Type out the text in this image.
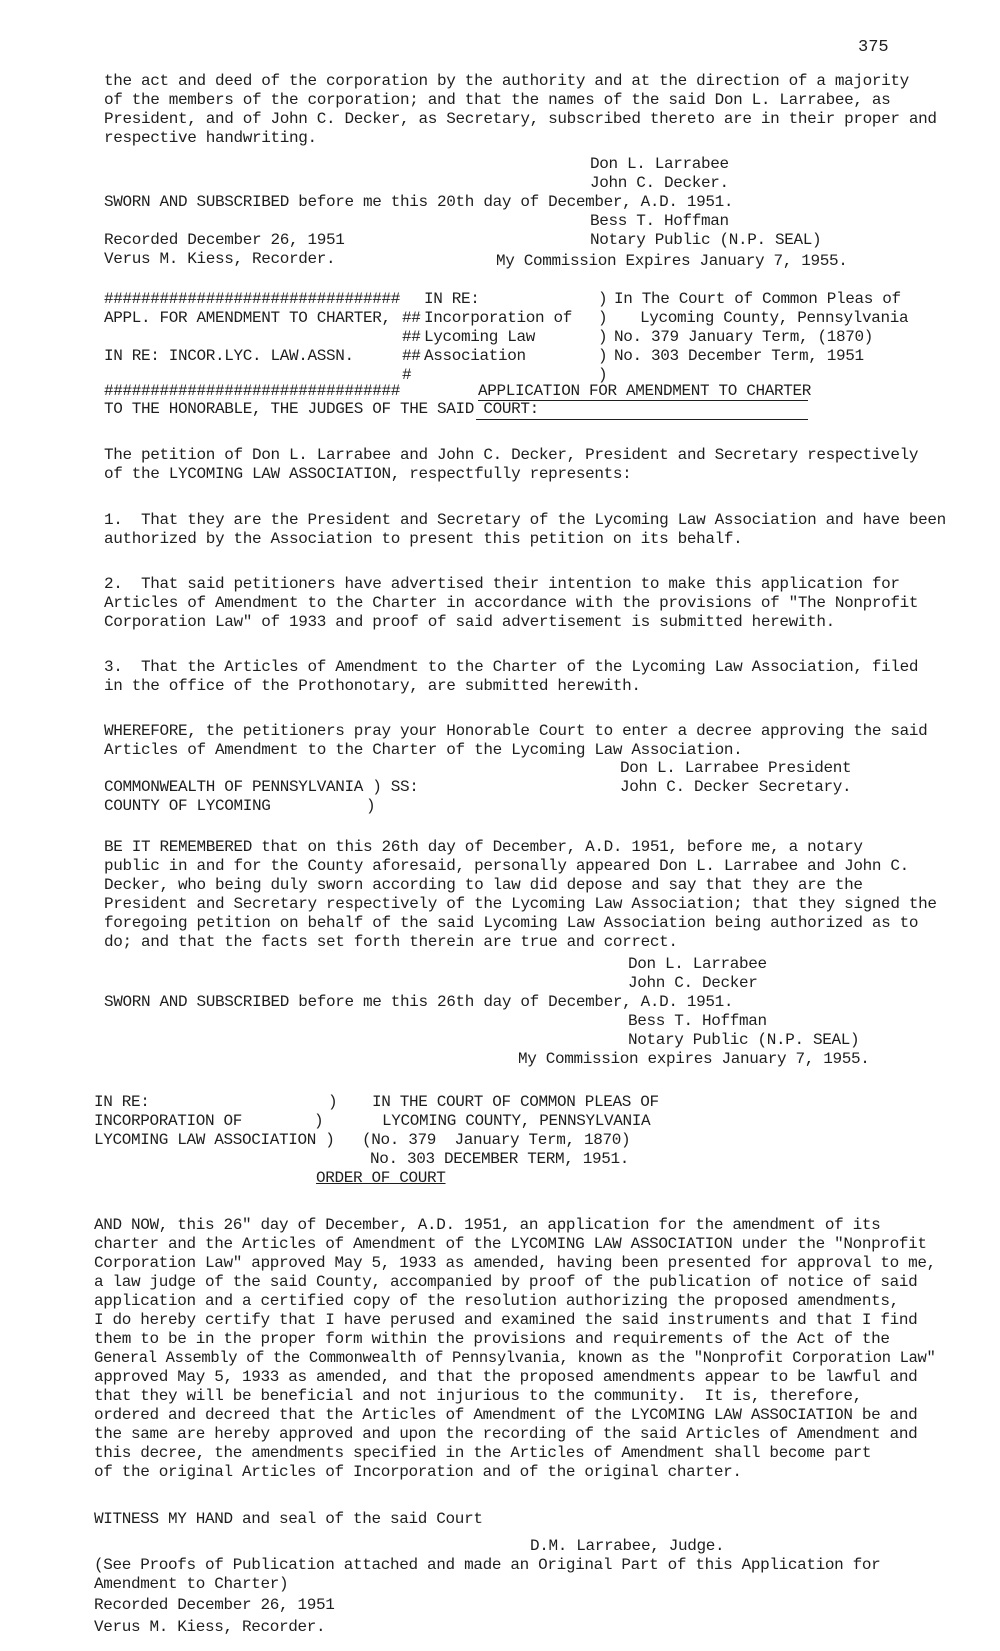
375
the act and deed of the corporation by the authority and at the direction of a majority
of the members of the corporation; and that the names of the said Don L. Larrabee, as
President, and of John C. Decker, as Secretary, subscribed thereto are in their proper and
respective handwriting.
Don L. Larrabee
John C. Decker.
SWORN AND SUBSCRIBED before me this 20th day of December, A.D. 1951.
Bess T. Hoffman
Recorded December 26, 1951	Notary Public (N.P. SEAL)
Verus M. Kiess, Recorder.	My Commission Expires January 7, 1955.
################################ IN RE:	) In The Court of Common Pleas of
APPL. FOR AMENDMENT TO CHARTER, ## Incorporation of ) Lycoming County, Pennsylvania
## Lycoming Law	) No. 379 January Term, (1870)
IN RE: INCOR.LYC. LAW.ASSN.	## Association	) No. 303 December Term, 1951
#	)
################################	APPLICATION FOR AMENDMENT TO CHARTER
TO THE HONORABLE, THE JUDGES OF THE SAID COURT:
The petition of Don L. Larrabee and John C. Decker, President and Secretary respectively
of the LYCOMING LAW ASSOCIATION, respectfully represents:
1.  That they are the President and Secretary of the Lycoming Law Association and have been
authorized by the Association to present this petition on its behalf.
2.  That said petitioners have advertised their intention to make this application for
Articles of Amendment to the Charter in accordance with the provisions of "The Nonprofit
Corporation Law" of 1933 and proof of said advertisement is submitted herewith.
3.  That the Articles of Amendment to the Charter of the Lycoming Law Association, filed
in the office of the Prothonotary, are submitted herewith.
WHEREFORE, the petitioners pray your Honorable Court to enter a decree approving the said
Articles of Amendment to the Charter of the Lycoming Law Association.
Don L. Larrabee President
COMMONWEALTH OF PENNSYLVANIA ) SS:	John C. Decker Secretary.
COUNTY OF LYCOMING	)
BE IT REMEMBERED that on this 26th day of December, A.D. 1951, before me, a notary
public in and for the County aforesaid, personally appeared Don L. Larrabee and John C.
Decker, who being duly sworn according to law did depose and say that they are the
President and Secretary respectively of the Lycoming Law Association; that they signed the
foregoing petition on behalf of the said Lycoming Law Association being authorized as to
do; and that the facts set forth therein are true and correct.
Don L. Larrabee
John C. Decker
SWORN AND SUBSCRIBED before me this 26th day of December, A.D. 1951.
Bess T. Hoffman
Notary Public (N.P. SEAL)
My Commission expires January 7, 1955.
IN RE:	) IN THE COURT OF COMMON PLEAS OF
INCORPORATION OF	)	LYCOMING COUNTY, PENNSYLVANIA
LYCOMING LAW ASSOCIATION ) (No. 379  January Term, 1870)
No. 303 DECEMBER TERM, 1951.
ORDER OF COURT
AND NOW, this 26" day of December, A.D. 1951, an application for the amendment of its
charter and the Articles of Amendment of the LYCOMING LAW ASSOCIATION under the "Nonprofit
Corporation Law" approved May 5, 1933 as amended, having been presented for approval to me,
a law judge of the said County, accompanied by proof of the publication of notice of said
application and a certified copy of the resolution authorizing the proposed amendments,
I do hereby certify that I have perused and examined the said instruments and that I find
them to be in the proper form within the provisions and requirements of the Act of the
General Assembly of the Commonwealth of Pennsylvania, known as the "Nonprofit Corporation Law"
approved May 5, 1933 as amended, and that the proposed amendments appear to be lawful and
that they will be beneficial and not injurious to the community.  It is, therefore,
ordered and decreed that the Articles of Amendment of the LYCOMING LAW ASSOCIATION be and
the same are hereby approved and upon the recording of the said Articles of Amendment and
this decree, the amendments specified in the Articles of Amendment shall become part
of the original Articles of Incorporation and of the original charter.
WITNESS MY HAND and seal of the said Court
D.M. Larrabee, Judge.
(See Proofs of Publication attached and made an Original Part of this Application for
Amendment to Charter)
Recorded December 26, 1951
Verus M. Kiess, Recorder.
